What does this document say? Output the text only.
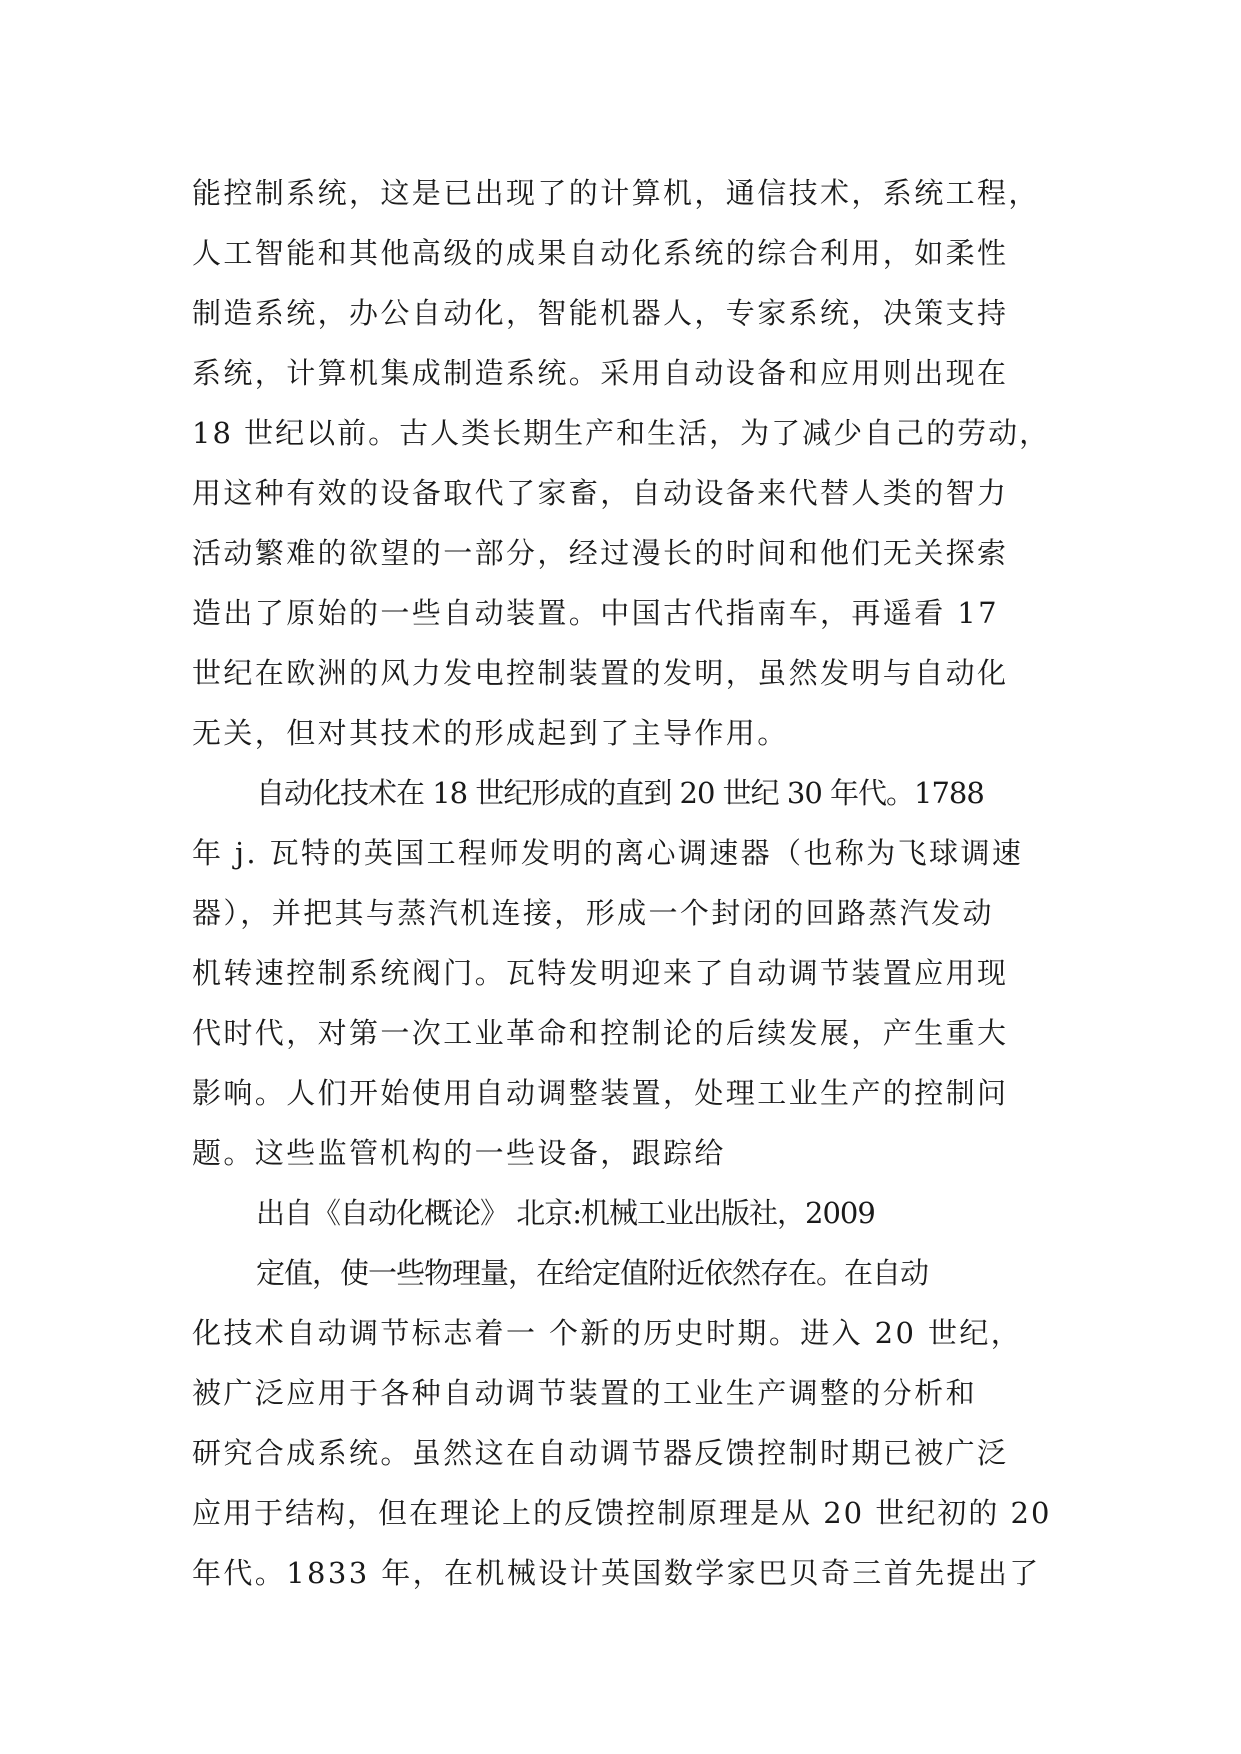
能控制系统，这是已出现了的计算机，通信技术，系统工程，
人工智能和其他高级的成果自动化系统的综合利用，如柔性
制造系统，办公自动化，智能机器人，专家系统，决策支持
系统，计算机集成制造系统。采用自动设备和应用则出现在
18 世纪以前。古人类长期生产和生活，为了减少自己的劳动，
用这种有效的设备取代了家畜，自动设备来代替人类的智力
活动繁难的欲望的一部分，经过漫长的时间和他们无关探索
造出了原始的一些自动装置。中国古代指南车，再遥看 17
世纪在欧洲的风力发电控制装置的发明，虽然发明与自动化
无关，但对其技术的形成起到了主导作用。
自动化技术在 18 世纪形成的直到 20 世纪 30 年代。1788
年 j. 瓦特的英国工程师发明的离心调速器（也称为飞球调速
器），并把其与蒸汽机连接，形成一个封闭的回路蒸汽发动
机转速控制系统阀门。瓦特发明迎来了自动调节装置应用现
代时代，对第一次工业革命和控制论的后续发展，产生重大
影响。人们开始使用自动调整装置，处理工业生产的控制问
题。这些监管机构的一些设备，跟踪给
出自《自动化概论》 北京:机械工业出版社，2009
定值，使一些物理量，在给定值附近依然存在。在自动
化技术自动调节标志着一 个新的历史时期。进入 20 世纪，
被广泛应用于各种自动调节装置的工业生产调整的分析和
研究合成系统。虽然这在自动调节器反馈控制时期已被广泛
应用于结构，但在理论上的反馈控制原理是从 20 世纪初的 20
年代。1833 年，在机械设计英国数学家巴贝奇三首先提出了
